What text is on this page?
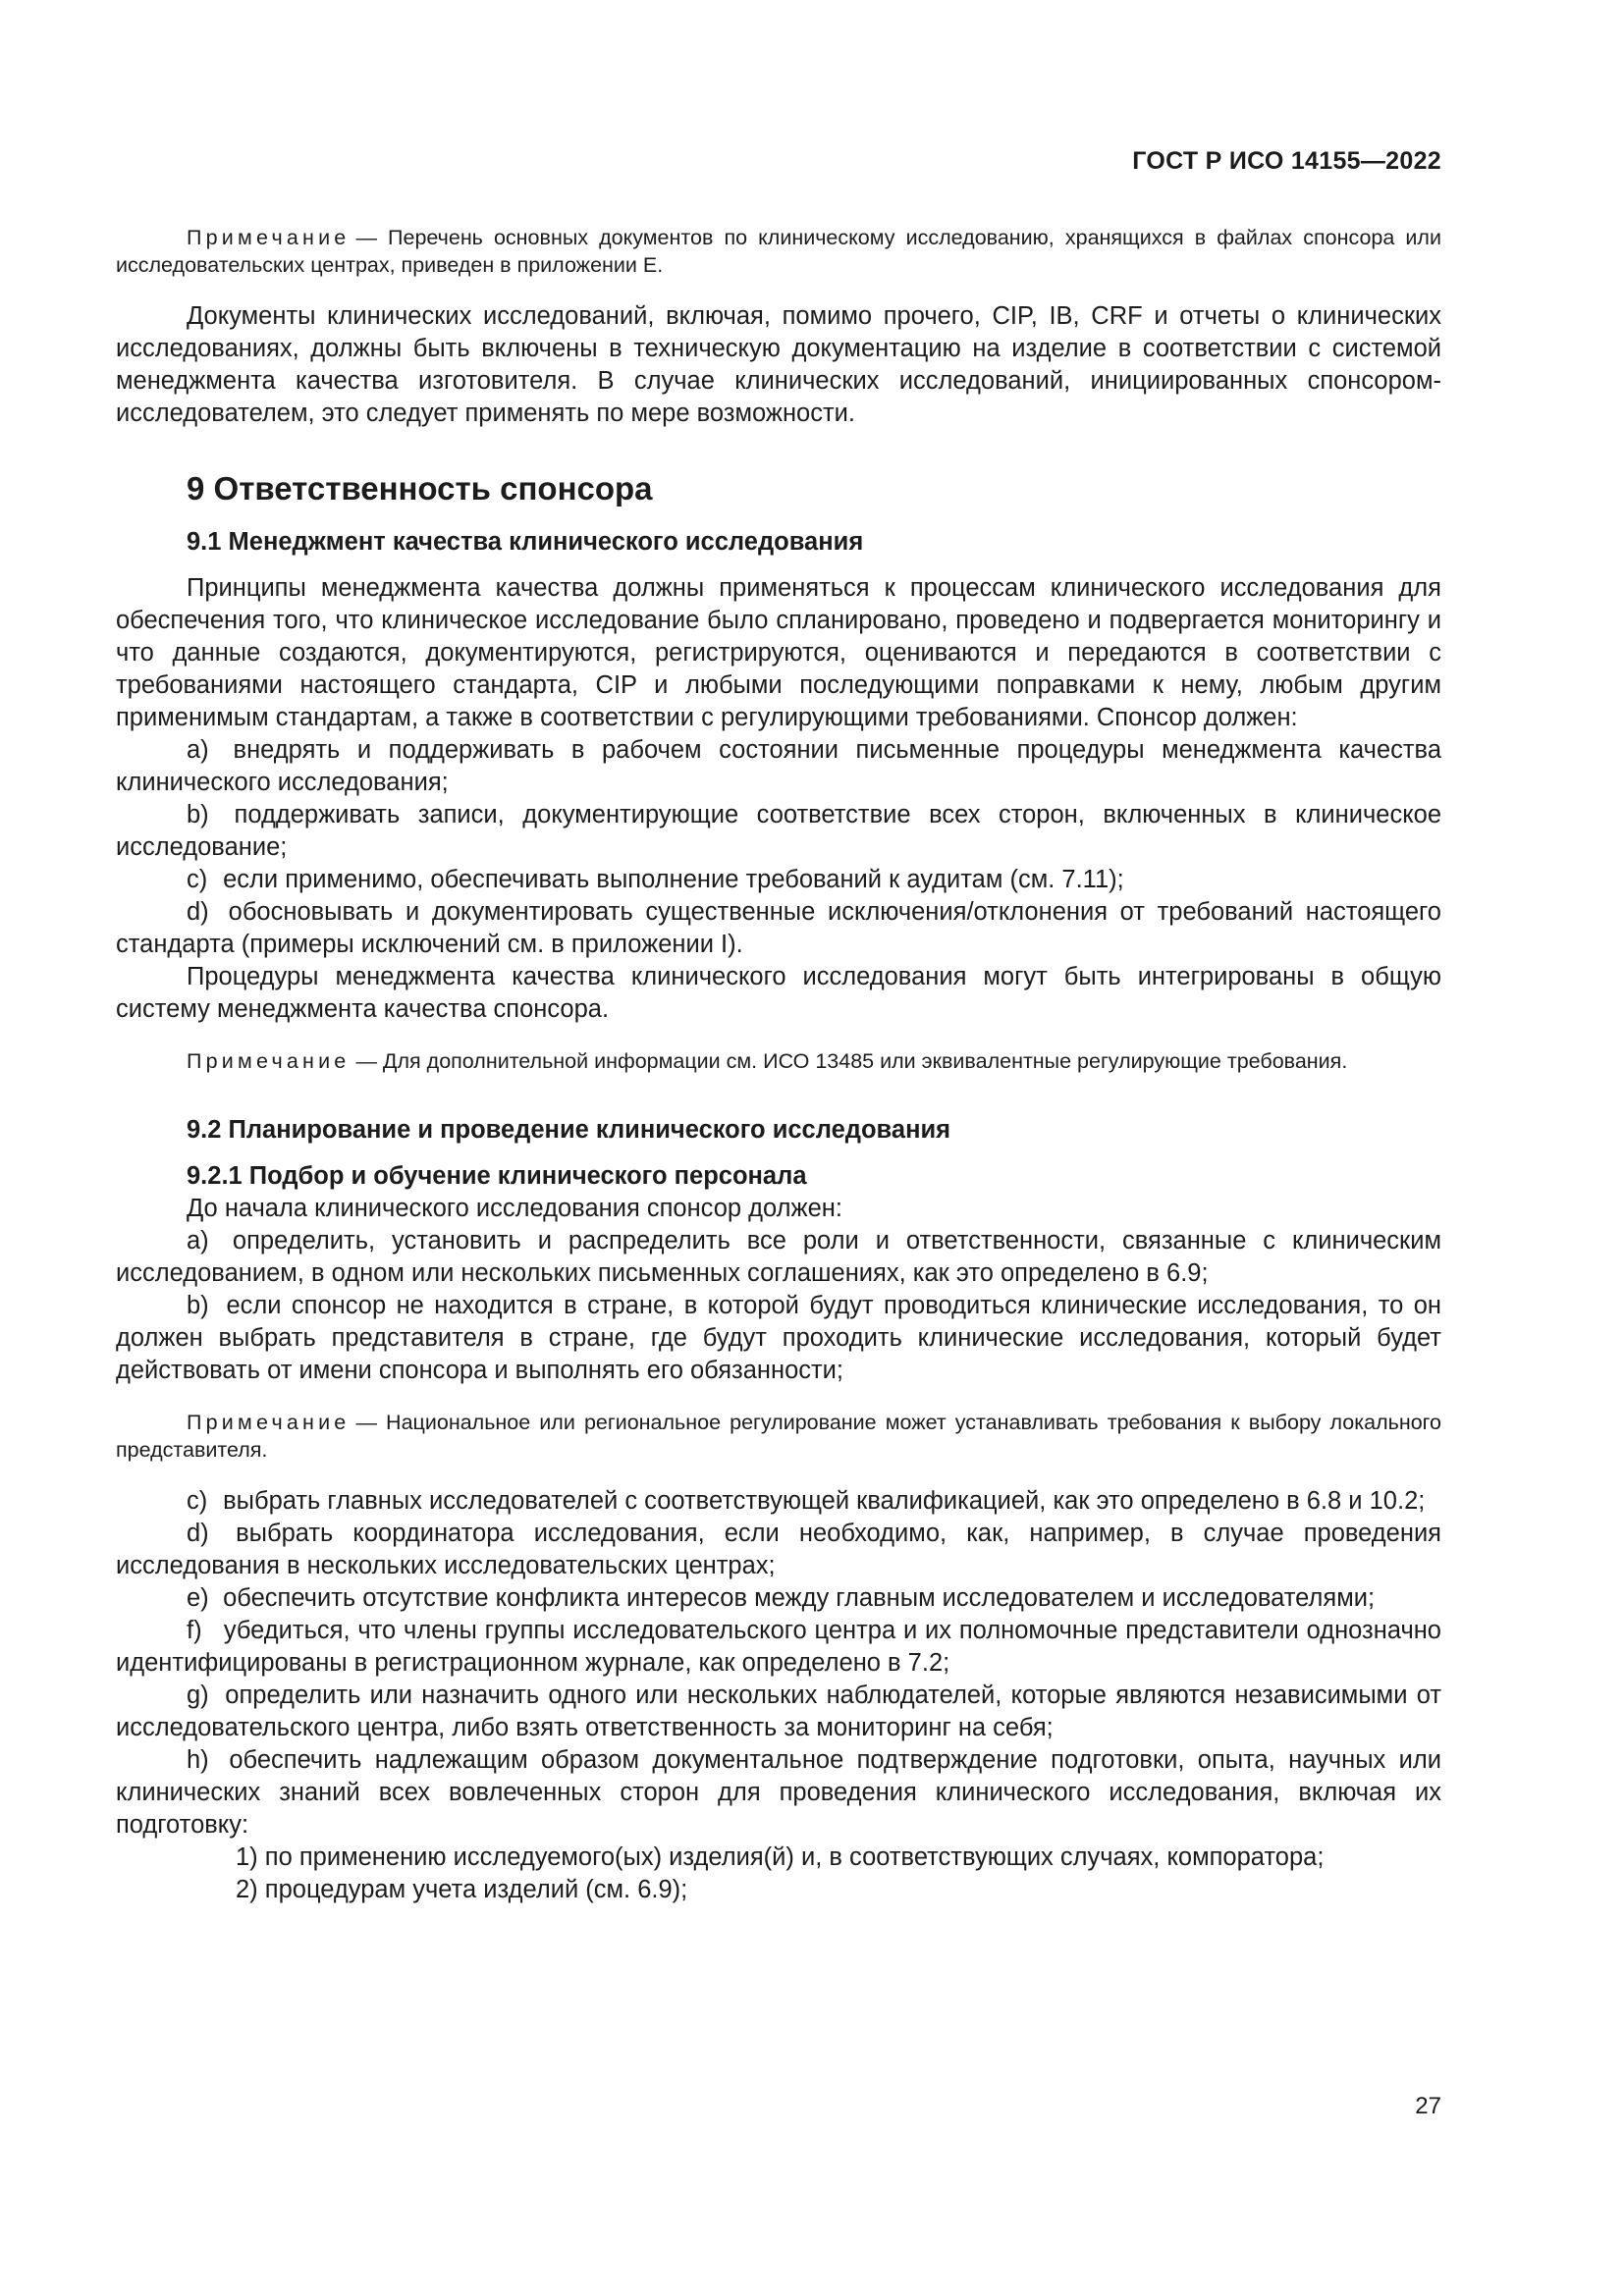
ГОСТ Р ИСО 14155—2022

Примечание — Перечень основных документов по клиническому исследованию, хранящихся в файлах спонсора или исследовательских центрах, приведен в приложении Е.

Документы клинических исследований, включая, помимо прочего, CIP, IB, CRF и отчеты о клинических исследованиях, должны быть включены в техническую документацию на изделие в соответствии с системой менеджмента качества изготовителя. В случае клинических исследований, инициированных спонсором-исследователем, это следует применять по мере возможности.

9 Ответственность спонсора
9.1 Менеджмент качества клинического исследования

Принципы менеджмента качества должны применяться к процессам клинического исследования для обеспечения того, что клиническое исследование было спланировано, проведено и подвергается мониторингу и что данные создаются, документируются, регистрируются, оцениваются и передаются в соответствии с требованиями настоящего стандарта, CIP и любыми последующими поправками к нему, любым другим применимым стандартам, а также в соответствии с регулирующими требованиями. Спонсор должен:

a) внедрять и поддерживать в рабочем состоянии письменные процедуры менеджмента качества клинического исследования;

b) поддерживать записи, документирующие соответствие всех сторон, включенных в клиническое исследование;

c) если применимо, обеспечивать выполнение требований к аудитам (см. 7.11);

d) обосновывать и документировать существенные исключения/отклонения от требований настоящего стандарта (примеры исключений см. в приложении I).

Процедуры менеджмента качества клинического исследования могут быть интегрированы в общую систему менеджмента качества спонсора.

Примечание — Для дополнительной информации см. ИСО 13485 или эквивалентные регулирующие требования.

9.2 Планирование и проведение клинического исследования
9.2.1 Подбор и обучение клинического персонала

До начала клинического исследования спонсор должен:

a) определить, установить и распределить все роли и ответственности, связанные с клиническим исследованием, в одном или нескольких письменных соглашениях, как это определено в 6.9;

b) если спонсор не находится в стране, в которой будут проводиться клинические исследования, то он должен выбрать представителя в стране, где будут проходить клинические исследования, который будет действовать от имени спонсора и выполнять его обязанности;

Примечание — Национальное или региональное регулирование может устанавливать требования к выбору локального представителя.

c) выбрать главных исследователей с соответствующей квалификацией, как это определено в 6.8 и 10.2;

d) выбрать координатора исследования, если необходимо, как, например, в случае проведения исследования в нескольких исследовательских центрах;

e) обеспечить отсутствие конфликта интересов между главным исследователем и исследователями;

f) убедиться, что члены группы исследовательского центра и их полномочные представители однозначно идентифицированы в регистрационном журнале, как определено в 7.2;

g) определить или назначить одного или нескольких наблюдателей, которые являются независимыми от исследовательского центра, либо взять ответственность за мониторинг на себя;

h) обеспечить надлежащим образом документальное подтверждение подготовки, опыта, научных или клинических знаний всех вовлеченных сторон для проведения клинического исследования, включая их подготовку:

1) по применению исследуемого(ых) изделия(й) и, в соответствующих случаях, компоратора;

2) процедурам учета изделий (см. 6.9);

27
